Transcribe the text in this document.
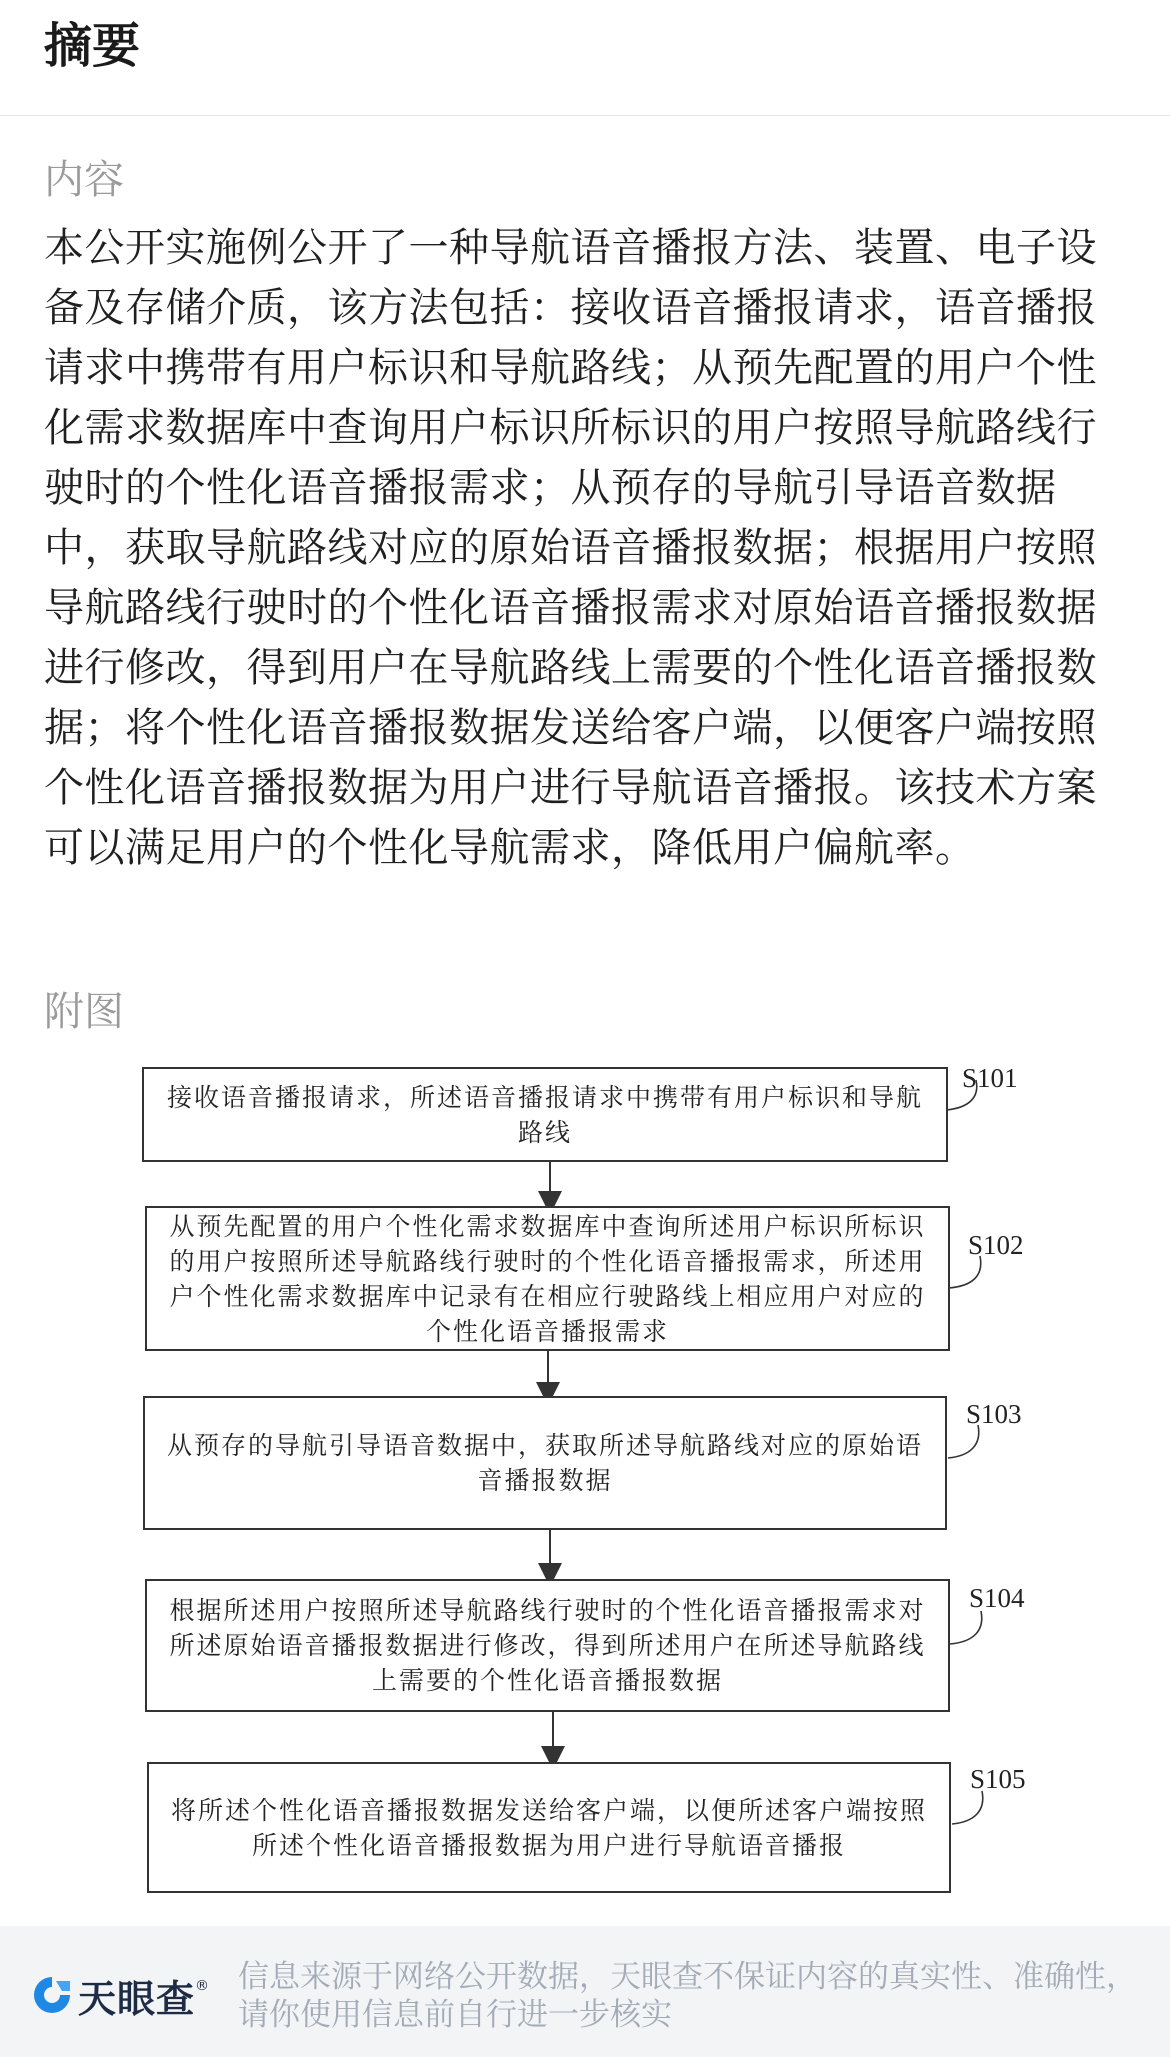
摘要
内容

本公开实施例公开了一种导航语音播报方法、装置、电子设备及存储介质，该方法包括：接收语音播报请求，语音播报请求中携带有用户标识和导航路线；从预先配置的用户个性化需求数据库中查询用户标识所标识的用户按照导航路线行驶时的个性化语音播报需求；从预存的导航引导语音数据中，获取导航路线对应的原始语音播报数据；根据用户按照导航路线行驶时的个性化语音播报需求对原始语音播报数据进行修改，得到用户在导航路线上需要的个性化语音播报数据；将个性化语音播报数据发送给客户端，以便客户端按照个性化语音播报数据为用户进行导航语音播报。该技术方案可以满足用户的个性化导航需求，降低用户偏航率。

附图
接收语音播报请求，所述语音播报请求中携带有用户标识和导航路线
S101
从预先配置的用户个性化需求数据库中查询所述用户标识所标识的用户按照所述导航路线行驶时的个性化语音播报需求，所述用户个性化需求数据库中记录有在相应行驶路线上相应用户对应的个性化语音播报需求
S102
从预存的导航引导语音数据中，获取所述导航路线对应的原始语音播报数据
S103
根据所述用户按照所述导航路线行驶时的个性化语音播报需求对所述原始语音播报数据进行修改，得到所述用户在所述导航路线上需要的个性化语音播报数据
S104
将所述个性化语音播报数据发送给客户端，以便所述客户端按照所述个性化语音播报数据为用户进行导航语音播报
S105
天眼查 ® 信息来源于网络公开数据，天眼查不保证内容的真实性、准确性，请你使用信息前自行进一步核实
